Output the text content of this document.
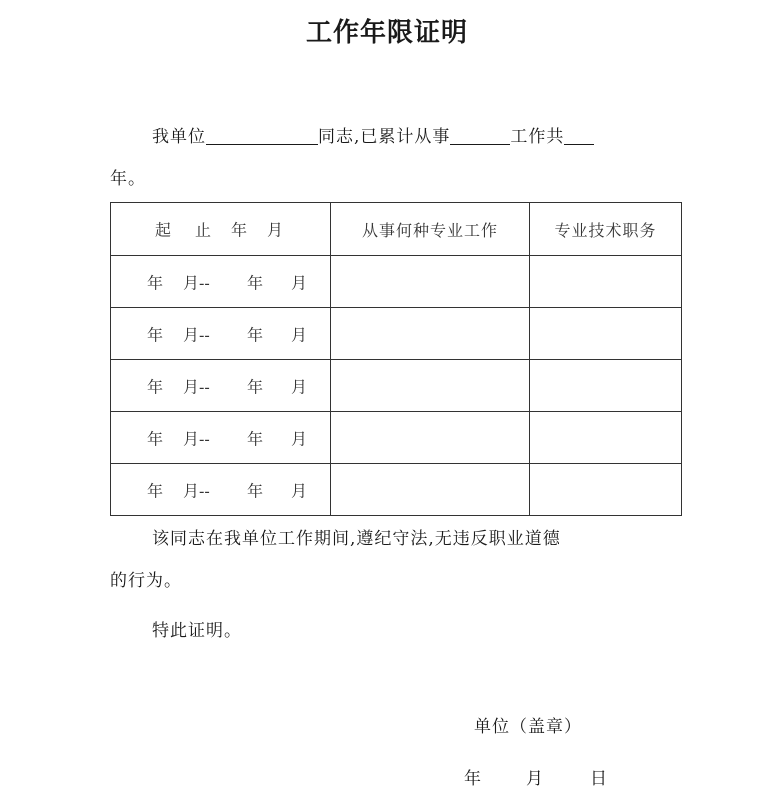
工作年限证明
我单位	同志,已累计从事	工作共
年。
起 止 年 月	从事何种专业工作	专业技术职务

年 月-- 年 月		

年 月-- 年 月		

年 月-- 年 月		

年 月-- 年 月		

年 月-- 年 月		

该同志在我单位工作期间,遵纪守法,无违反职业道德
的行为。
特此证明。
单位（盖章）
年	月	日
